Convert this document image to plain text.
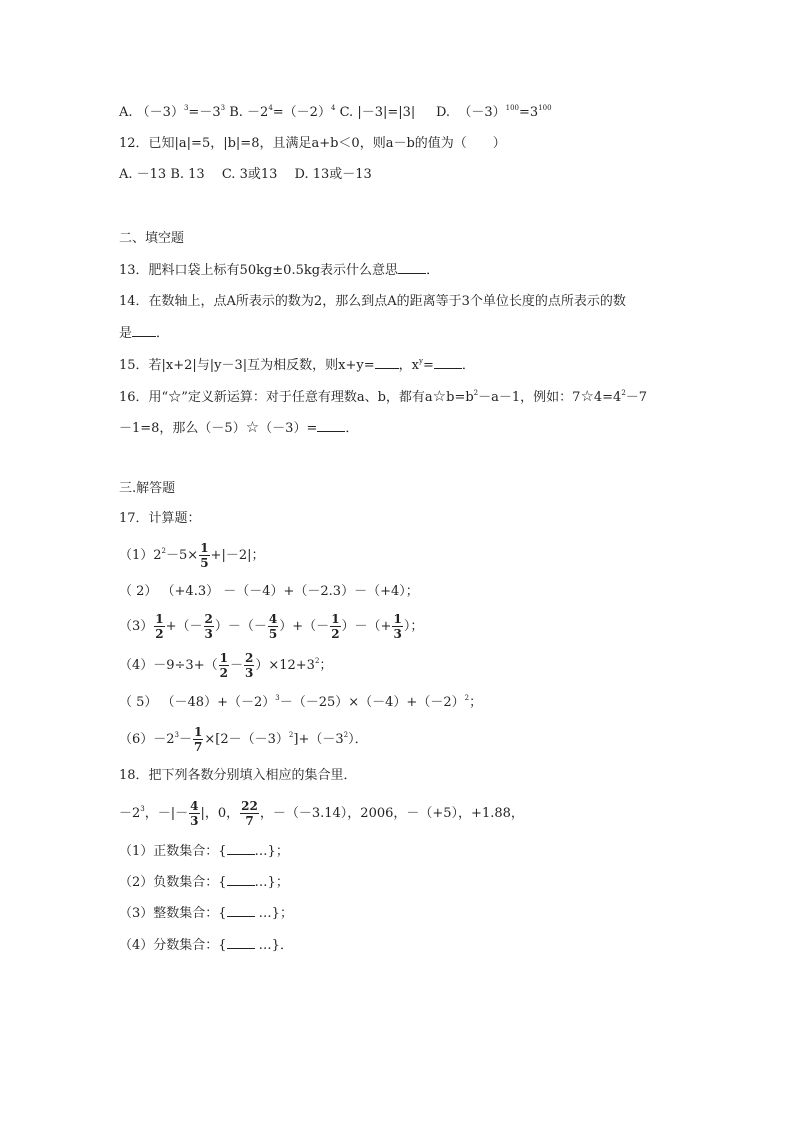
A. $(-3)^3=-3^3$ B. $-2^4=(-2)^4$ C. |－3|=|3| D. $(-3)^{100}=3^{100}$
12．已知|a|=5，|b|=8，且满足a+b＜0，则a－b的值为（　　）
A. －13 B. 13　 C. 3或13　 D. 13或－13
二、填空题
13．肥料口袋上标有50kg±0.5kg表示什么意思 ．
14．在数轴上，点A所表示的数为2，那么到点A的距离等于3个单位长度的点所表示的数
是 ．
15．若|x+2|与|y－3|互为相反数，则x+y= ，$x^y=$ ．
16．用“☆”定义新运算：对于任意有理数a、b，都有$a☆b=b^2-a-1$，例如：$7☆4=4^2-7$
－1=8，那么（－5）☆（－3）= ．
三.解答题
17．计算题：
$(1)2^2-5\times \frac{1}{5} +|-2|$；
（ 2） （+4.3） －（－4）+（－2.3）－（+4）；
$(3) \frac{1}{2}$ +（－ $\frac{2}{3}$ ）－（－ $\frac{4}{5}$ ）+（－ $\frac{1}{2}$ ）－（+ $\frac{1}{3}$ ）；
$(4)-9\div 3+( \frac{1}{2} - \frac{2}{3} )\times 12+3^2$；
（ 5） $(-48)+(-2)^3-(-25)\times(-4)+(-2)^2$；
$(6)-2^3- \frac{1}{7} \times[2-(-3)^2]+(-3^2)$．
18．把下列各数分别填入相应的集合里．
$-2^3$，－|－ $\frac{4}{3}$ |，0， $\frac{22}{7}$ ，－（－3.14），2006，－（+5），+1.88，
（1）正数集合：{ …}；
（2）负数集合：{ …}；
（3）整数集合：{ …}；
（4）分数集合：{ …}．
